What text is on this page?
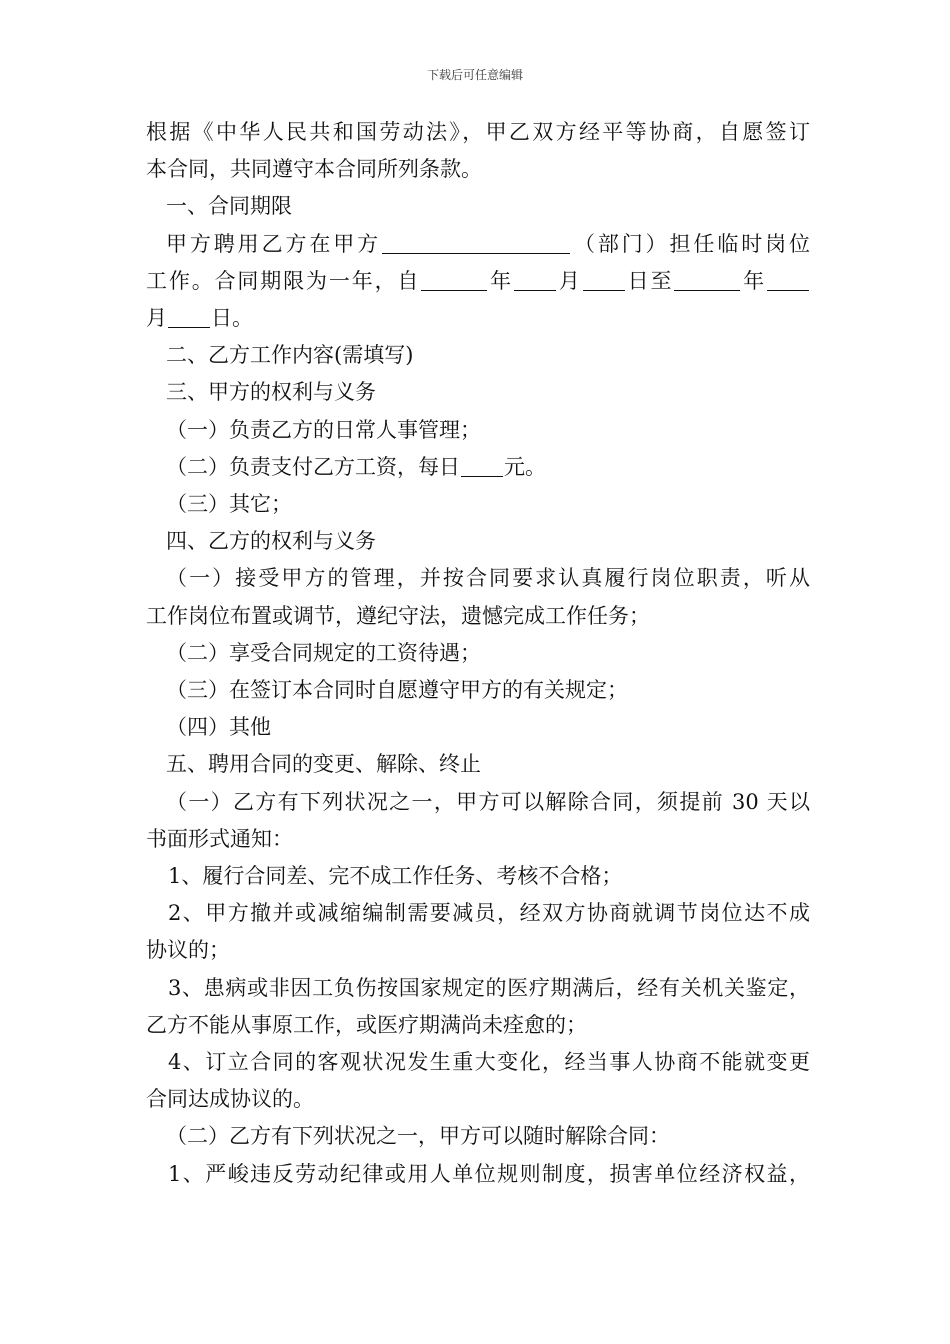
下载后可任意编辑

根据《中华人民共和国劳动法》，甲乙双方经平等协商，自愿签订

本合同，共同遵守本合同所列条款。

一、合同期限

甲方聘用乙方在甲方	（部门）担任临时岗位

工作。合同期限为一年，自	年 月 日至	年

月 日。

二、乙方工作内容(需填写)

三、甲方的权利与义务

（一）负责乙方的日常人事管理；

（二）负责支付乙方工资，每日 元。

（三）其它；

四、乙方的权利与义务

（一）接受甲方的管理，并按合同要求认真履行岗位职责，听从

工作岗位布置或调节，遵纪守法，遗憾完成工作任务；

（二）享受合同规定的工资待遇；

（三）在签订本合同时自愿遵守甲方的有关规定；

（四）其他

五、聘用合同的变更、解除、终止

（一）乙方有下列状况之一，甲方可以解除合同，须提前 30 天以

书面形式通知：

1、履行合同差、完不成工作任务、考核不合格；

2、甲方撤并或减缩编制需要减员，经双方协商就调节岗位达不成

协议的；

3、患病或非因工负伤按国家规定的医疗期满后，经有关机关鉴定，

乙方不能从事原工作，或医疗期满尚未痊愈的；

4、订立合同的客观状况发生重大变化，经当事人协商不能就变更

合同达成协议的。

（二）乙方有下列状况之一，甲方可以随时解除合同：

1、严峻违反劳动纪律或用人单位规则制度，损害单位经济权益，
